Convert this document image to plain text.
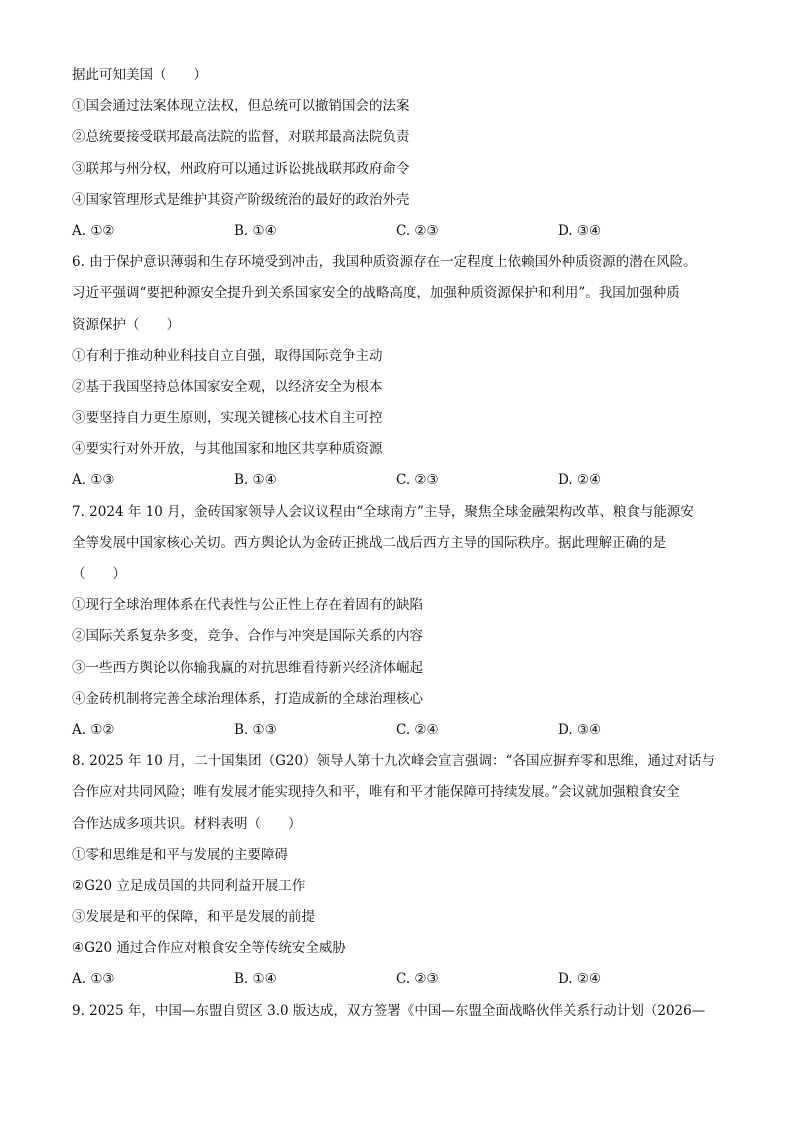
据此可知美国（　　）
①国会通过法案体现立法权，但总统可以撤销国会的法案
②总统要接受联邦最高法院的监督，对联邦最高法院负责
③联邦与州分权，州政府可以通过诉讼挑战联邦政府命令
④国家管理形式是维护其资产阶级统治的最好的政治外壳
A. ①②	B. ①④	C. ②③	D. ③④
6. 由于保护意识薄弱和生存环境受到冲击，我国种质资源存在一定程度上依赖国外种质资源的潜在风险。
习近平强调“要把种源安全提升到关系国家安全的战略高度，加强种质资源保护和利用”。我国加强种质
资源保护（　　）
①有利于推动种业科技自立自强，取得国际竞争主动
②基于我国坚持总体国家安全观，以经济安全为根本
③要坚持自力更生原则，实现关键核心技术自主可控
④要实行对外开放，与其他国家和地区共享种质资源
A. ①③	B. ①④	C. ②③	D. ②④
7. 2024 年 10 月，金砖国家领导人会议议程由“全球南方”主导，聚焦全球金融架构改革、粮食与能源安
全等发展中国家核心关切。西方舆论认为金砖正挑战二战后西方主导的国际秩序。据此理解正确的是
（　　）
①现行全球治理体系在代表性与公正性上存在着固有的缺陷
②国际关系复杂多变，竞争、合作与冲突是国际关系的内容
③一些西方舆论以你输我赢的对抗思维看待新兴经济体崛起
④金砖机制将完善全球治理体系，打造成新的全球治理核心
A. ①②	B. ①③	C. ②④	D. ③④
8. 2025 年 10 月，二十国集团（G20）领导人第十九次峰会宣言强调：“各国应摒弃零和思维，通过对话与
合作应对共同风险；唯有发展才能实现持久和平，唯有和平才能保障可持续发展。”会议就加强粮食安全
合作达成多项共识。材料表明（　　）
①零和思维是和平与发展的主要障碍
②G20 立足成员国的共同利益开展工作
③发展是和平的保障，和平是发展的前提
④G20 通过合作应对粮食安全等传统安全威胁
A. ①③	B. ①④	C. ②③	D. ②④
9. 2025 年，中国—东盟自贸区 3.0 版达成，双方签署《中国—东盟全面战略伙伴关系行动计划（2026—
